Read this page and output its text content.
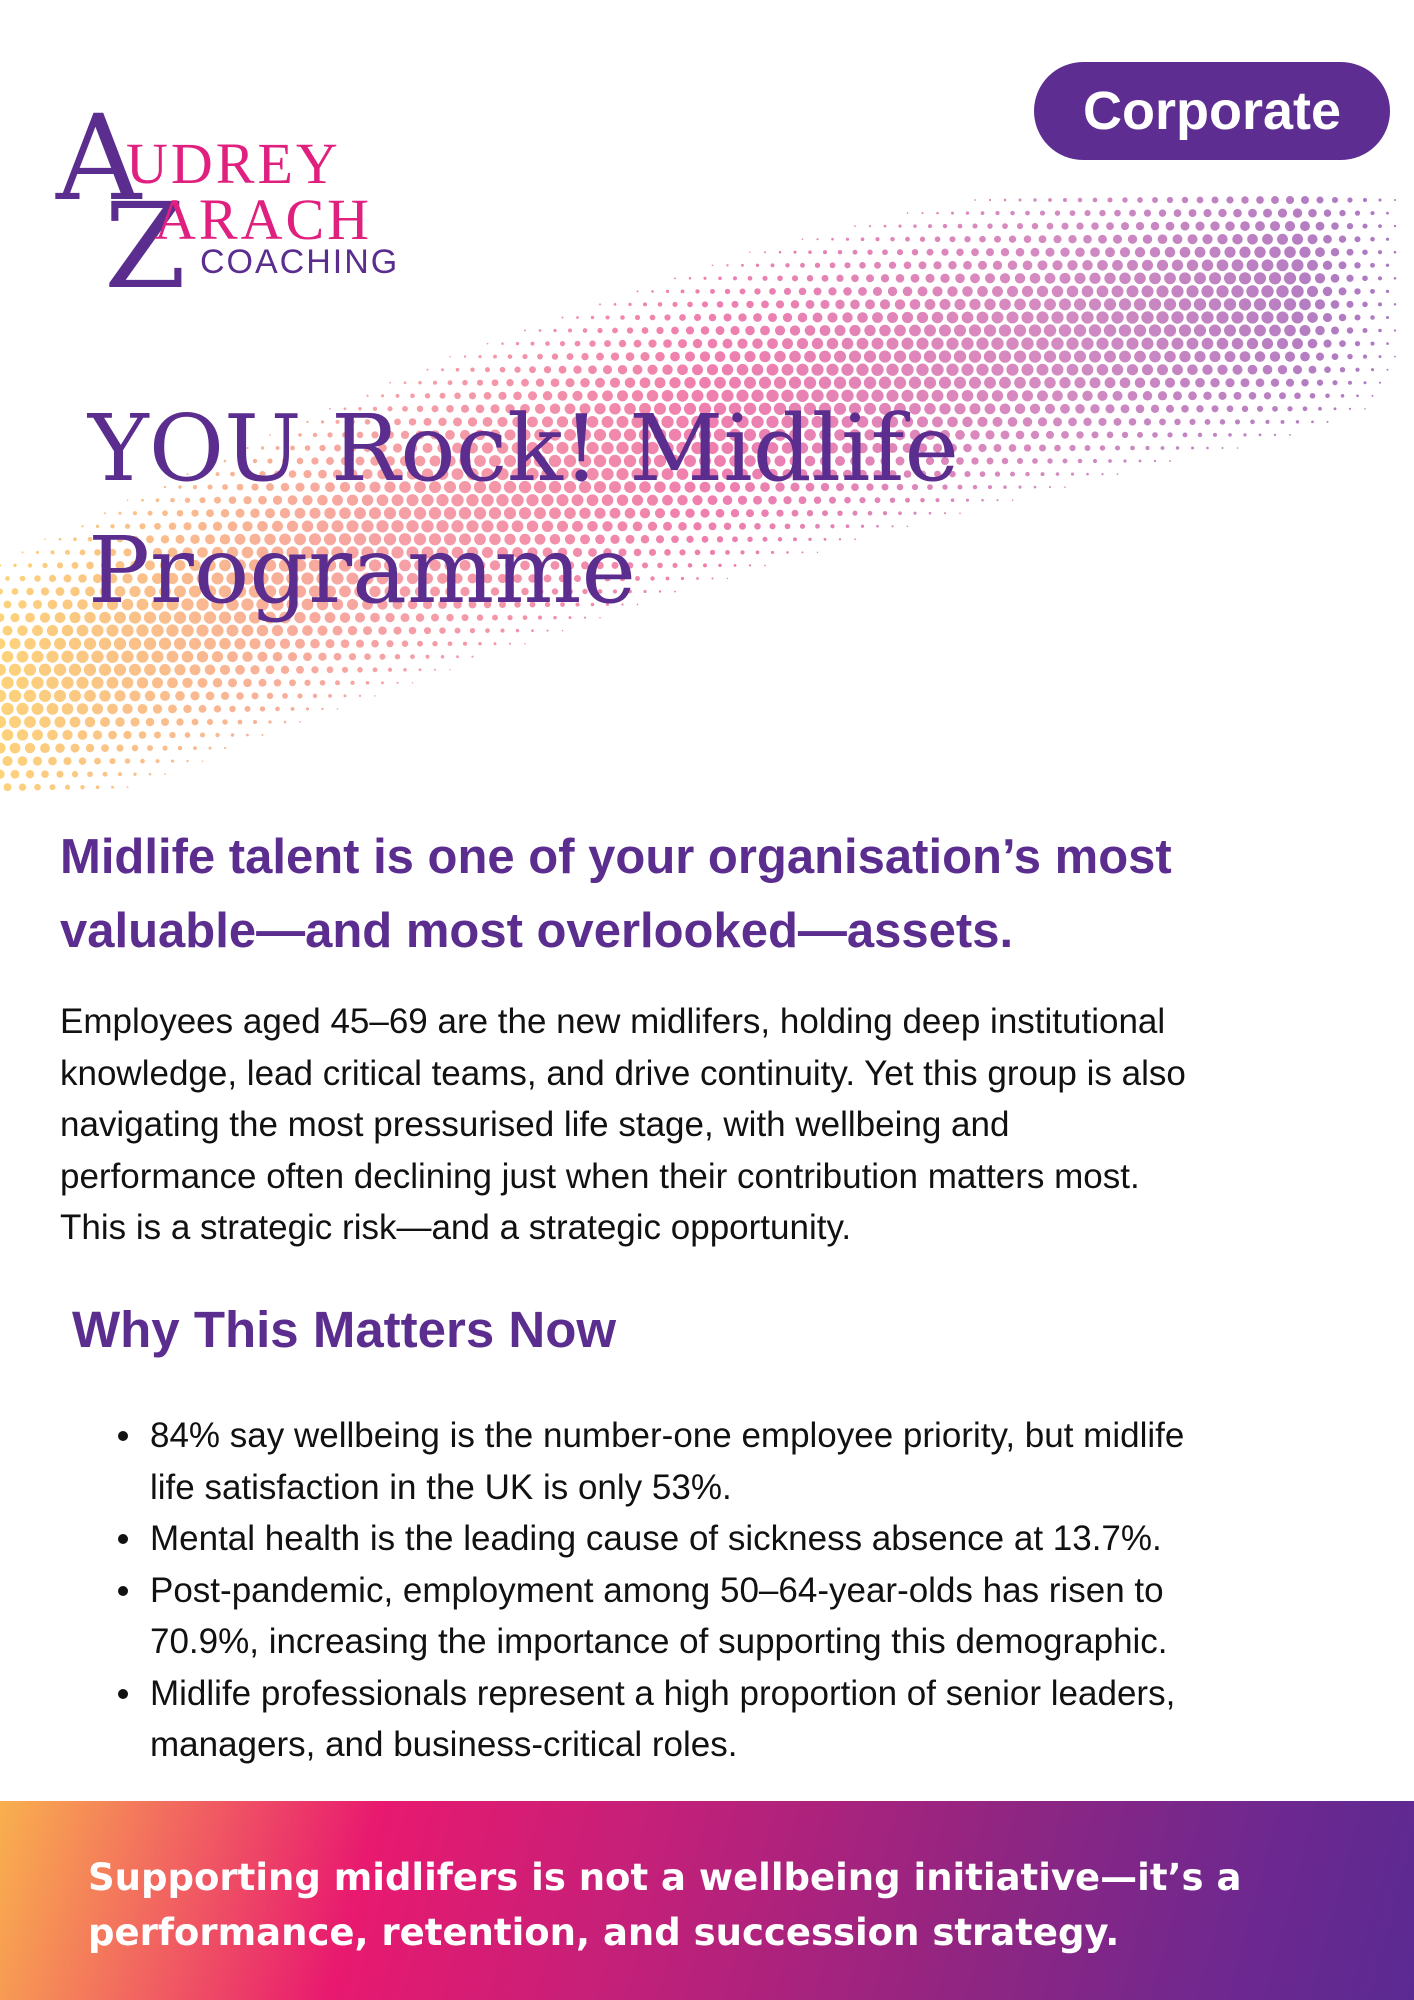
A
UDREY
Z
ARACH
COACHING
Corporate
YOU Rock! Midlife
Programme
Midlife talent is one of your organisation’s most
valuable—and most overlooked—assets.

Employees aged 45–69 are the new midlifers, holding deep institutional
knowledge, lead critical teams, and drive continuity. Yet this group is also
navigating the most pressurised life stage, with wellbeing and
performance often declining just when their contribution matters most.
This is a strategic risk—and a strategic opportunity.

Why This Matters Now
84% say wellbeing is the number-one employee priority, but midlife
life satisfaction in the UK is only 53%.
Mental health is the leading cause of sickness absence at 13.7%.
Post-pandemic, employment among 50–64-year-olds has risen to
70.9%, increasing the importance of supporting this demographic.
Midlife professionals represent a high proportion of senior leaders,
managers, and business-critical roles.

Supporting midlifers is not a wellbeing initiative—it’s a
performance, retention, and succession strategy.
